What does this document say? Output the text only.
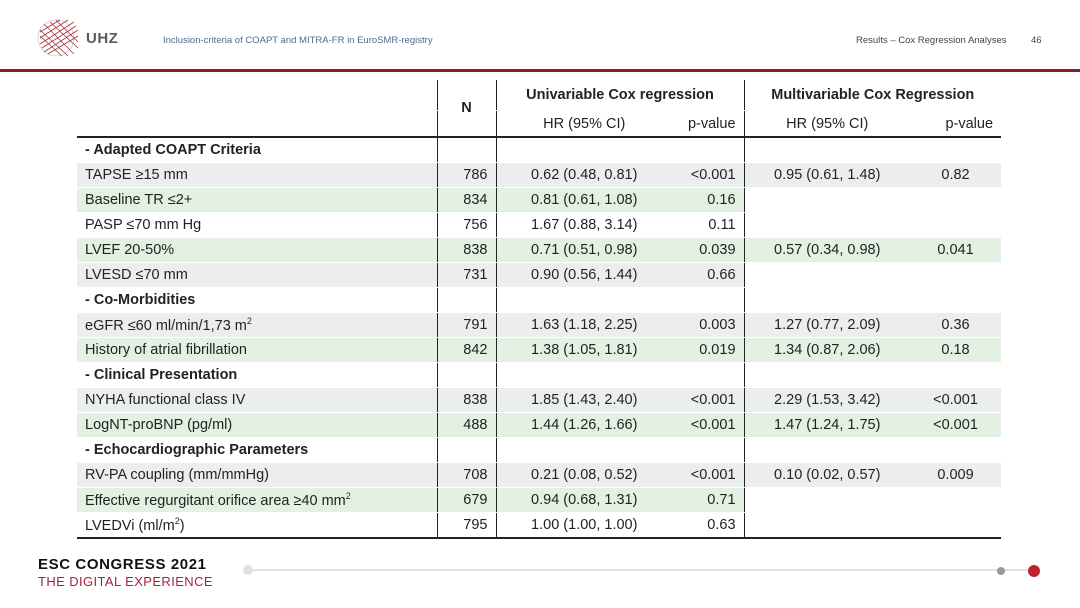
UHZ	Inclusion-criteria of COAPT and MITRA-FR in EuroSMR-registry	Results – Cox Regression Analyses	46
	N	Univariable Cox regression		Multivariable Cox Regression	
		HR (95% CI)	p-value	HR (95% CI)	p-value
- Adapted COAPT Criteria					
TAPSE ≥15 mm	786	0.62 (0.48, 0.81)	<0.001	0.95 (0.61, 1.48)	0.82
Baseline TR ≤2+	834	0.81 (0.61, 1.08)	0.16		
PASP ≤70 mm Hg	756	1.67 (0.88, 3.14)	0.11		
LVEF 20-50%	838	0.71 (0.51, 0.98)	0.039	0.57 (0.34, 0.98)	0.041
LVESD ≤70 mm	731	0.90 (0.56, 1.44)	0.66		
- Co-Morbidities					
eGFR ≤60 ml/min/1,73 $m^2$	791	1.63 (1.18, 2.25)	0.003	1.27 (0.77, 2.09)	0.36
History of atrial fibrillation	842	1.38 (1.05, 1.81)	0.019	1.34 (0.87, 2.06)	0.18
- Clinical Presentation					
NYHA functional class IV	838	1.85 (1.43, 2.40)	<0.001	2.29 (1.53, 3.42)	<0.001
LogNT-proBNP (pg/ml)	488	1.44 (1.26, 1.66)	<0.001	1.47 (1.24, 1.75)	<0.001
- Echocardiographic Parameters					
RV-PA coupling (mm/mmHg)	708	0.21 (0.08, 0.52)	<0.001	0.10 (0.02, 0.57)	0.009
Effective regurgitant orifice area ≥40 $mm^2$	679	0.94 (0.68, 1.31)	0.71		
LVEDVi $(ml/m^2)$	795	1.00 (1.00, 1.00)	0.63		
ESC CONGRESS 2021
THE DIGITAL EXPERIENCE
